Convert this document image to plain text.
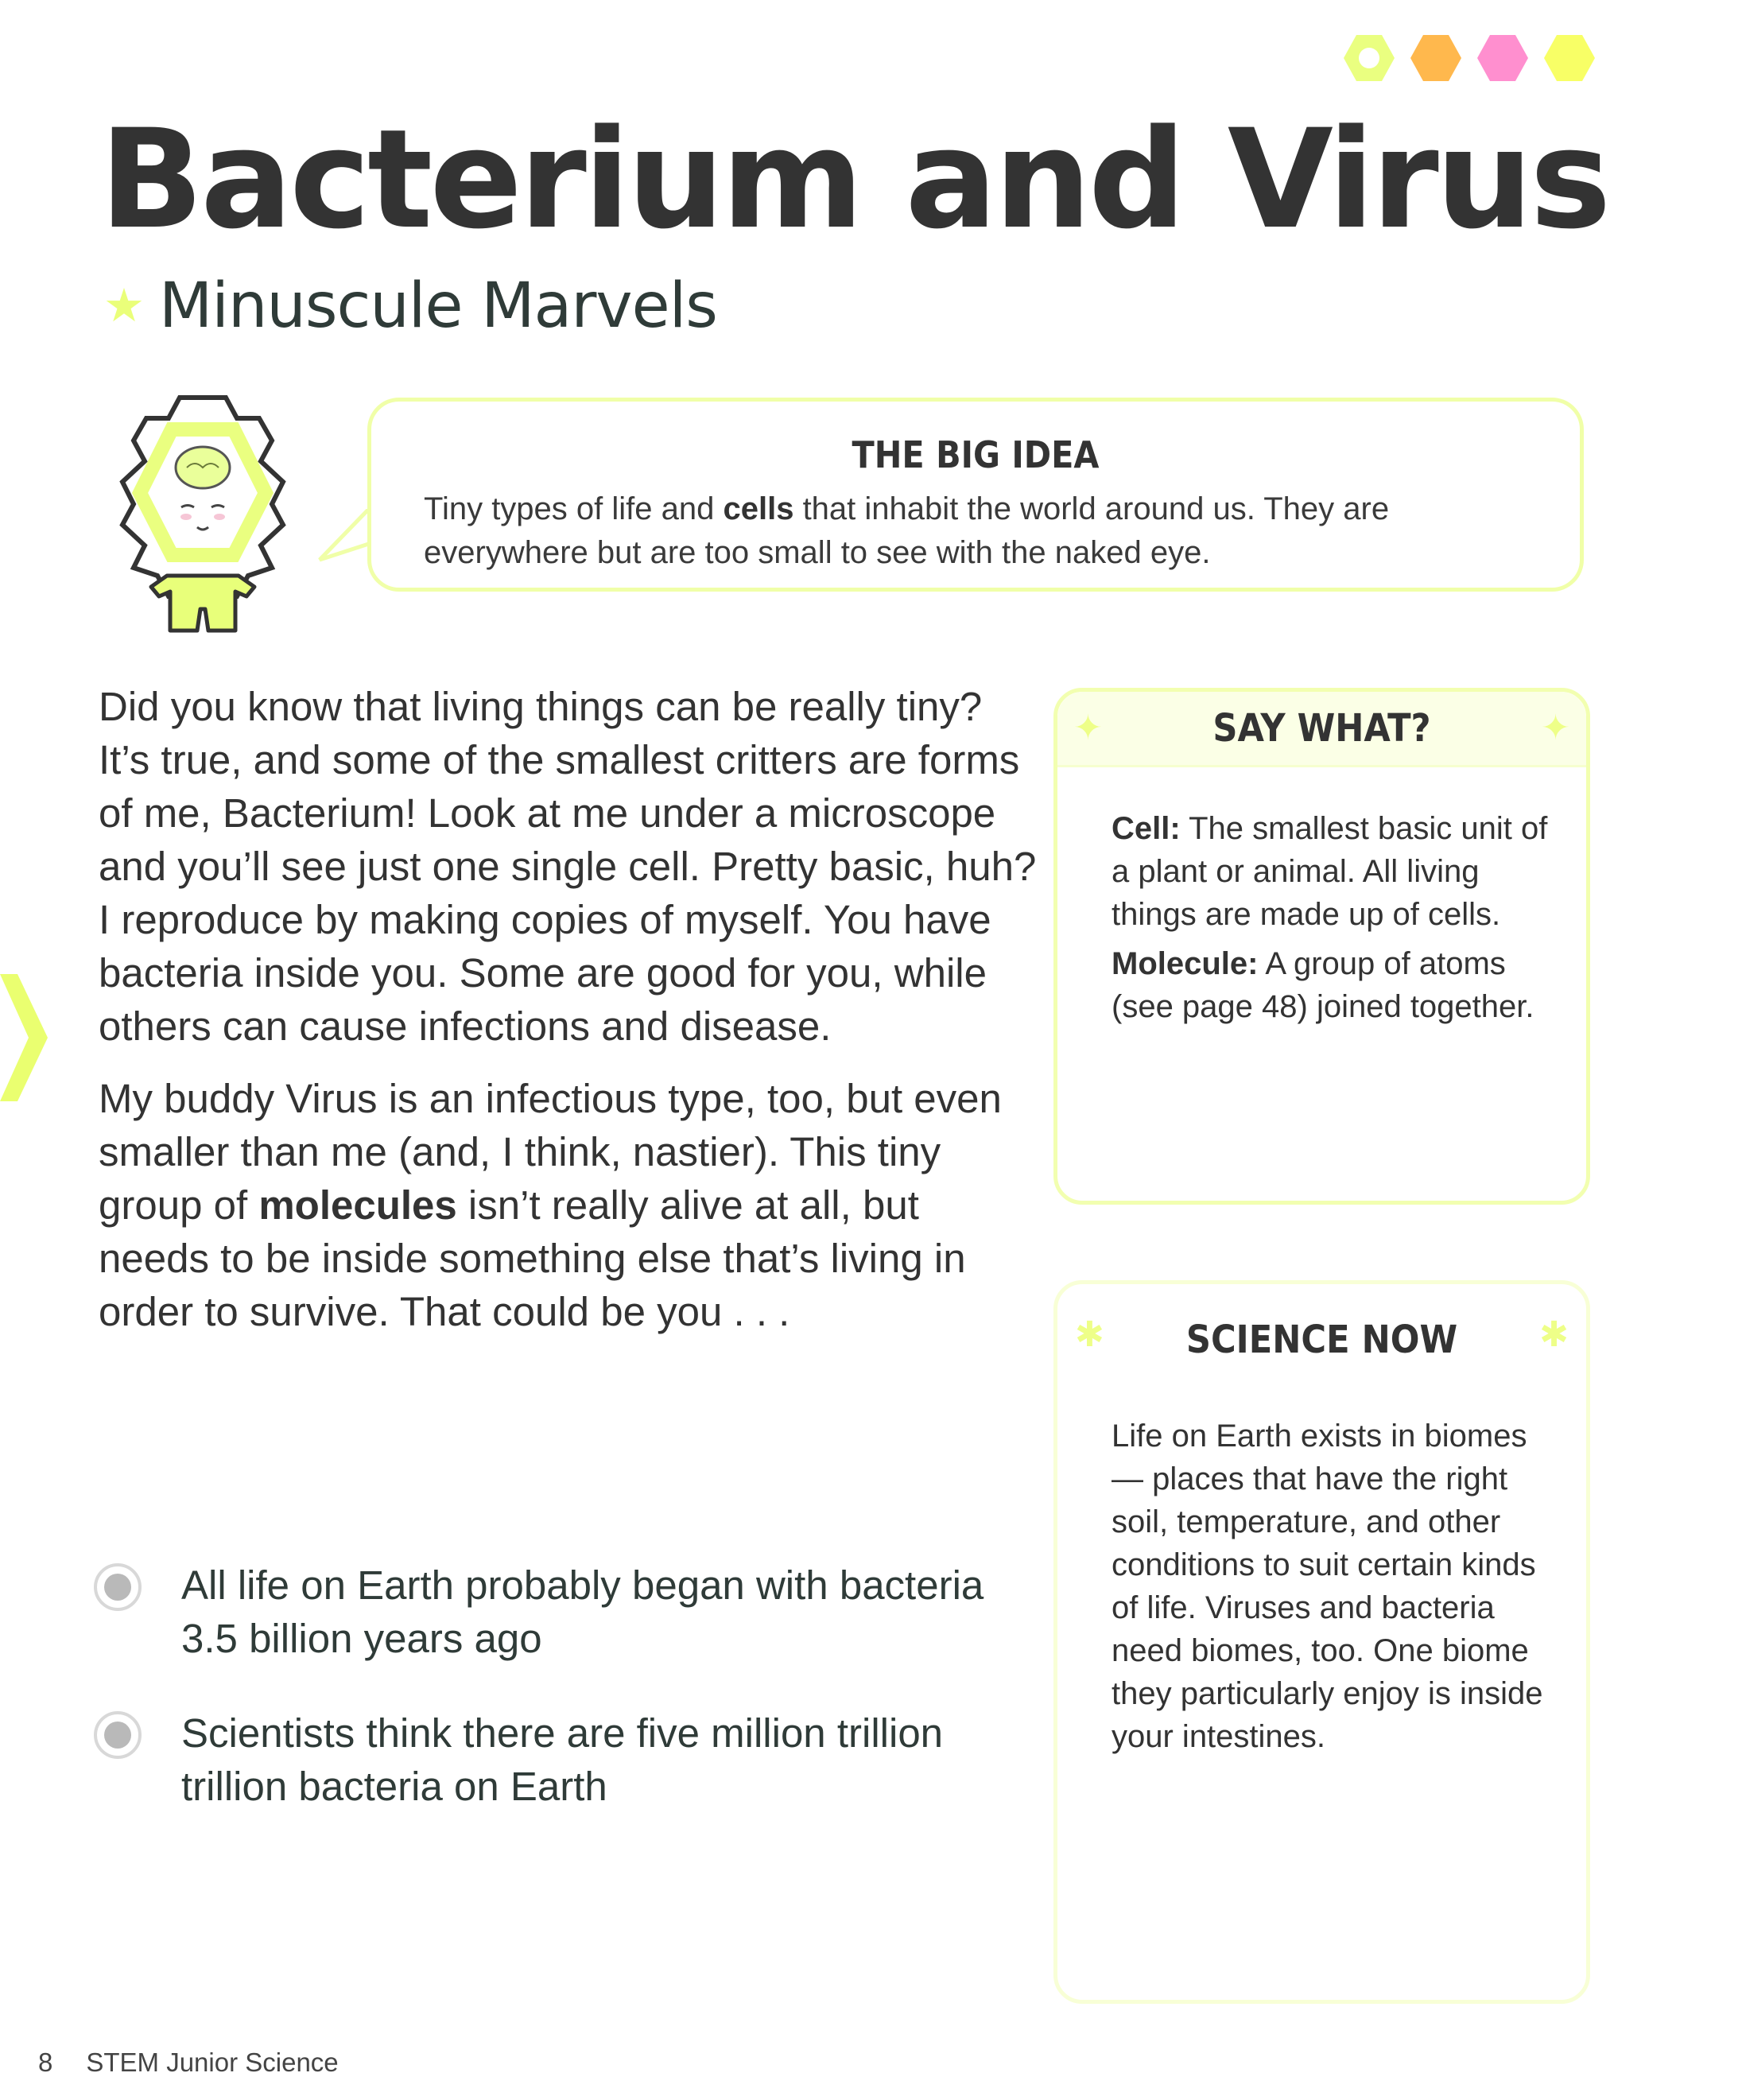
Bacterium and Virus
★ Minuscule Marvels
THE BIG IDEA

Tiny types of life and cells that inhabit the world around us. They are everywhere but are too small to see with the naked eye.

Did you know that living things can be really tiny? It’s true, and some of the smallest critters are forms of me, Bacterium! Look at me under a microscope and you’ll see just one single cell. Pretty basic, huh? I reproduce by making copies of myself. You have bacteria inside you. Some are good for you, while others can cause infections and disease.

My buddy Virus is an infectious type, too, but even smaller than me (and, I think, nastier). This tiny group of molecules isn’t really alive at all, but needs to be inside something else that’s living in order to survive. That could be you . . .

All life on Earth probably began with bacteria 3.5 billion years ago
Scientists think there are five million trillion trillion bacteria on Earth
✦	SAY WHAT?	✦

Cell: The smallest basic unit of a plant or animal. All living things are made up of cells.

Molecule: A group of atoms (see page 48) joined together.

✱ SCIENCE NOW ✱
Life on Earth exists in biomes — places that have the right soil, temperature, and other conditions to suit certain kinds of life. Viruses and bacteria need biomes, too. One biome they particularly enjoy is inside your intestines.
8 STEM Junior Science
